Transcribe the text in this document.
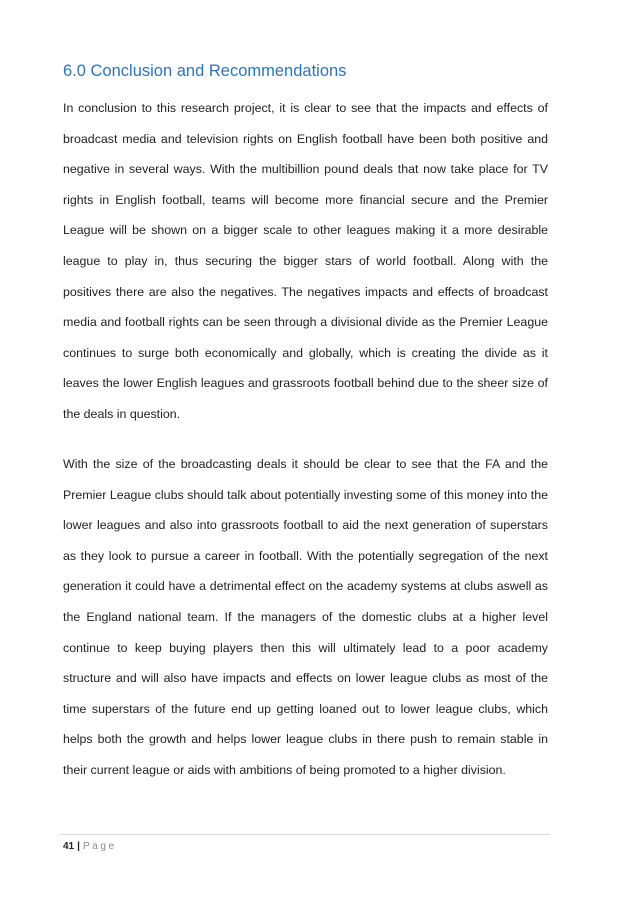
6.0 Conclusion and Recommendations

In conclusion to this research project, it is clear to see that the impacts and effects of broadcast media and television rights on English football have been both positive and negative in several ways. With the multibillion pound deals that now take place for TV rights in English football, teams will become more financial secure and the Premier League will be shown on a bigger scale to other leagues making it a more desirable league to play in, thus securing the bigger stars of world football. Along with the positives there are also the negatives. The negatives impacts and effects of broadcast media and football rights can be seen through a divisional divide as the Premier League continues to surge both economically and globally, which is creating the divide as it leaves the lower English leagues and grassroots football behind due to the sheer size of the deals in question.

With the size of the broadcasting deals it should be clear to see that the FA and the Premier League clubs should talk about potentially investing some of this money into the lower leagues and also into grassroots football to aid the next generation of superstars as they look to pursue a career in football. With the potentially segregation of the next generation it could have a detrimental effect on the academy systems at clubs aswell as the England national team. If the managers of the domestic clubs at a higher level continue to keep buying players then this will ultimately lead to a poor academy structure and will also have impacts and effects on lower league clubs as most of the time superstars of the future end up getting loaned out to lower league clubs, which helps both the growth and helps lower league clubs in there push to remain stable in their current league or aids with ambitions of being promoted to a higher division.

41 | Page
